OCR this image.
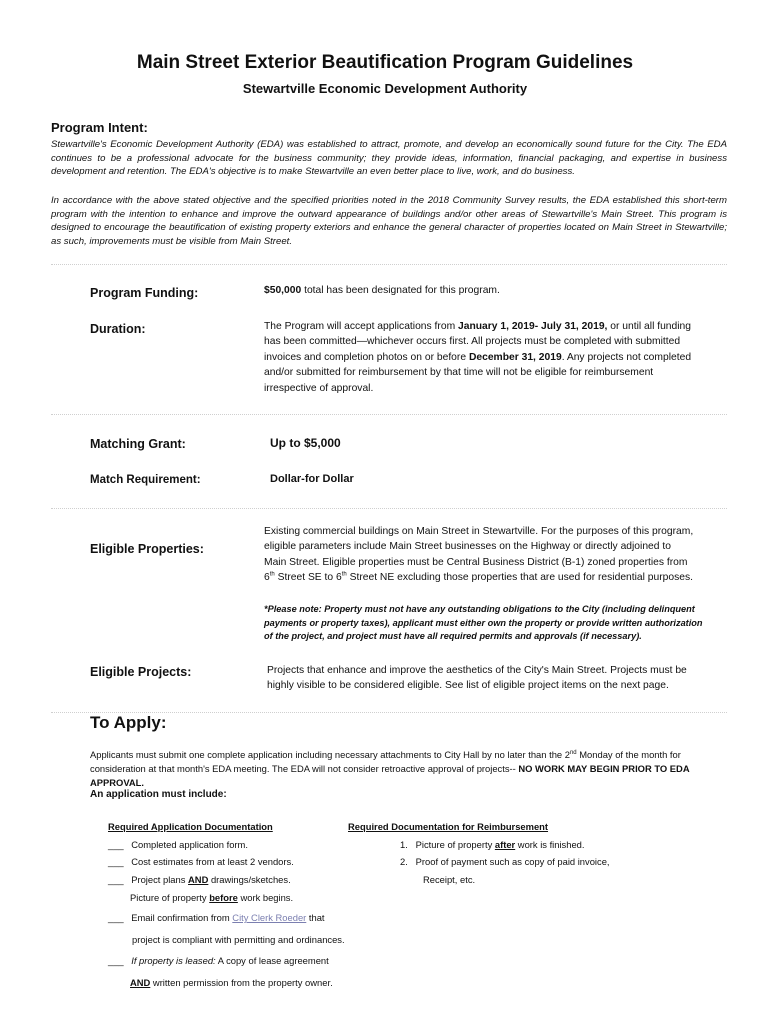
Main Street Exterior Beautification Program Guidelines
Stewartville Economic Development Authority
Program Intent:
Stewartville's Economic Development Authority (EDA) was established to attract, promote, and develop an economically sound future for the City. The EDA continues to be a professional advocate for the business community; they provide ideas, information, financial packaging, and expertise in business development and retention. The EDA's objective is to make Stewartville an even better place to live, work, and do business.
In accordance with the above stated objective and the specified priorities noted in the 2018 Community Survey results, the EDA established this short-term program with the intention to enhance and improve the outward appearance of buildings and/or other areas of Stewartville's Main Street. This program is designed to encourage the beautification of existing property exteriors and enhance the general character of properties located on Main Street in Stewartville; as such, improvements must be visible from Main Street.
Program Funding:	$50,000 total has been designated for this program.
Duration:	The Program will accept applications from January 1, 2019- July 31, 2019, or until all funding has been committed—whichever occurs first. All projects must be completed with submitted invoices and completion photos on or before December 31, 2019. Any projects not completed and/or submitted for reimbursement by that time will not be eligible for reimbursement irrespective of approval.
Matching Grant:	Up to $5,000
Match Requirement:	Dollar-for Dollar
Eligible Properties:
Existing commercial buildings on Main Street in Stewartville. For the purposes of this program,
eligible parameters include Main Street businesses on the Highway or directly adjoined to
Main Street. Eligible properties must be Central Business District (B-1) zoned properties from
6th Street SE to 6th Street NE excluding those properties that are used for residential purposes.
*Please note: Property must not have any outstanding obligations to the City (including delinquent payments or property taxes), applicant must either own the property or provide written authorization of the project, and project must have all required permits and approvals (if necessary).
Eligible Projects:	Projects that enhance and improve the aesthetics of the City's Main Street. Projects must be highly visible to be considered eligible. See list of eligible project items on the next page.
To Apply:
Applicants must submit one complete application including necessary attachments to City Hall by no later than the 2nd Monday of the month for consideration at that month's EDA meeting. The EDA will not consider retroactive approval of projects-- NO WORK MAY BEGIN PRIOR TO EDA APPROVAL.
An application must include:
Required Application Documentation	Required Documentation for Reimbursement
___ Completed application form.
___ Cost estimates from at least 2 vendors.
___ Project plans AND drawings/sketches.
Picture of property before work begins.
___ Email confirmation from City Clerk Roeder that
project is compliant with permitting and ordinances.
___ If property is leased: A copy of lease agreement
AND written permission from the property owner.
1. Picture of property after work is finished.
2. Proof of payment such as copy of paid invoice,
Receipt, etc.
